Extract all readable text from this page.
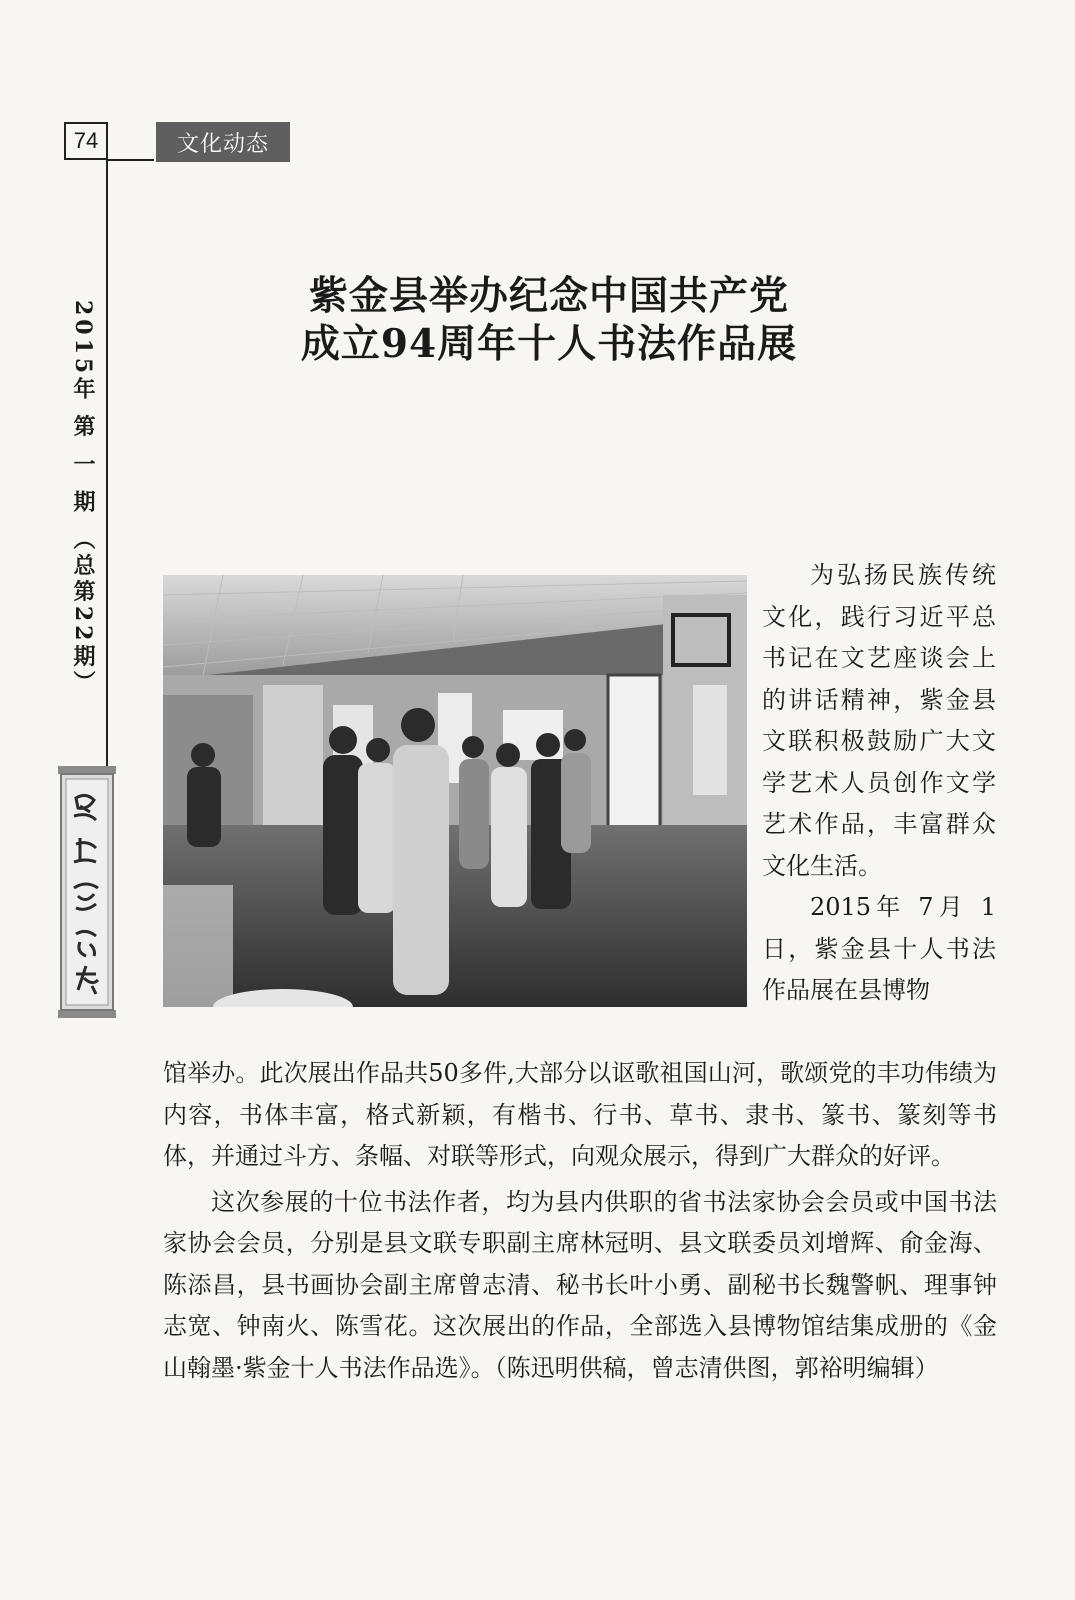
74	文化动态
2015年 第 一 期 （总第22期）
紫金县举办纪念中国共产党
成立94周年十人书法作品展

为弘扬民族传统文化，践行习近平总书记在文艺座谈会上的讲话精神，紫金县文联积极鼓励广大文学艺术人员创作文学艺术作品，丰富群众文化生活。

2015年 7月 1日，紫金县十人书法作品展在县博物

馆举办。此次展出作品共50多件,大部分以讴歌祖国山河，歌颂党的丰功伟绩为内容，书体丰富，格式新颖，有楷书、行书、草书、隶书、篆书、篆刻等书体，并通过斗方、条幅、对联等形式，向观众展示，得到广大群众的好评。

这次参展的十位书法作者，均为县内供职的省书法家协会会员或中国书法家协会会员，分别是县文联专职副主席林冠明、县文联委员刘增辉、俞金海、陈添昌，县书画协会副主席曾志清、秘书长叶小勇、副秘书长魏警帆、理事钟志宽、钟南火、陈雪花。这次展出的作品，全部选入县博物馆结集成册的《金山翰墨·紫金十人书法作品选》。（陈迅明供稿，曾志清供图，郭裕明编辑）
